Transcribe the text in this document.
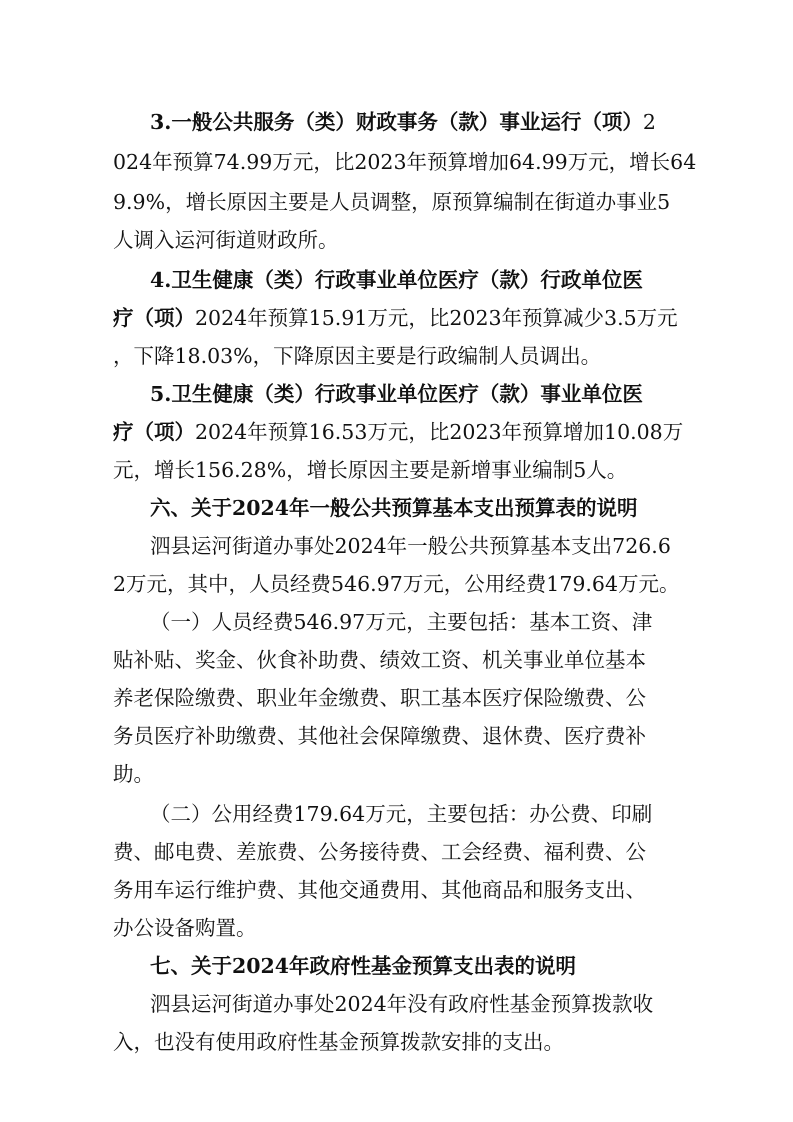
3.一般公共服务（类）财政事务（款）事业运行（项）2
024年预算74.99万元，比2023年预算增加64.99万元，增长64
9.9%，增长原因主要是人员调整，原预算编制在街道办事业5
人调入运河街道财政所。
4.卫生健康（类）行政事业单位医疗（款）行政单位医
疗（项）2024年预算15.91万元，比2023年预算减少3.5万元
，下降18.03%，下降原因主要是行政编制人员调出。
5.卫生健康（类）行政事业单位医疗（款）事业单位医
疗（项）2024年预算16.53万元，比2023年预算增加10.08万
元，增长156.28%，增长原因主要是新增事业编制5人。
六、关于2024年一般公共预算基本支出预算表的说明
泗县运河街道办事处2024年一般公共预算基本支出726.6
2万元，其中，人员经费546.97万元，公用经费179.64万元。
（一）人员经费546.97万元，主要包括：基本工资、津
贴补贴、奖金、伙食补助费、绩效工资、机关事业单位基本
养老保险缴费、职业年金缴费、职工基本医疗保险缴费、公
务员医疗补助缴费、其他社会保障缴费、退休费、医疗费补
助。
（二）公用经费179.64万元，主要包括：办公费、印刷
费、邮电费、差旅费、公务接待费、工会经费、福利费、公
务用车运行维护费、其他交通费用、其他商品和服务支出、
办公设备购置。
七、关于2024年政府性基金预算支出表的说明
泗县运河街道办事处2024年没有政府性基金预算拨款收
入，也没有使用政府性基金预算拨款安排的支出。
